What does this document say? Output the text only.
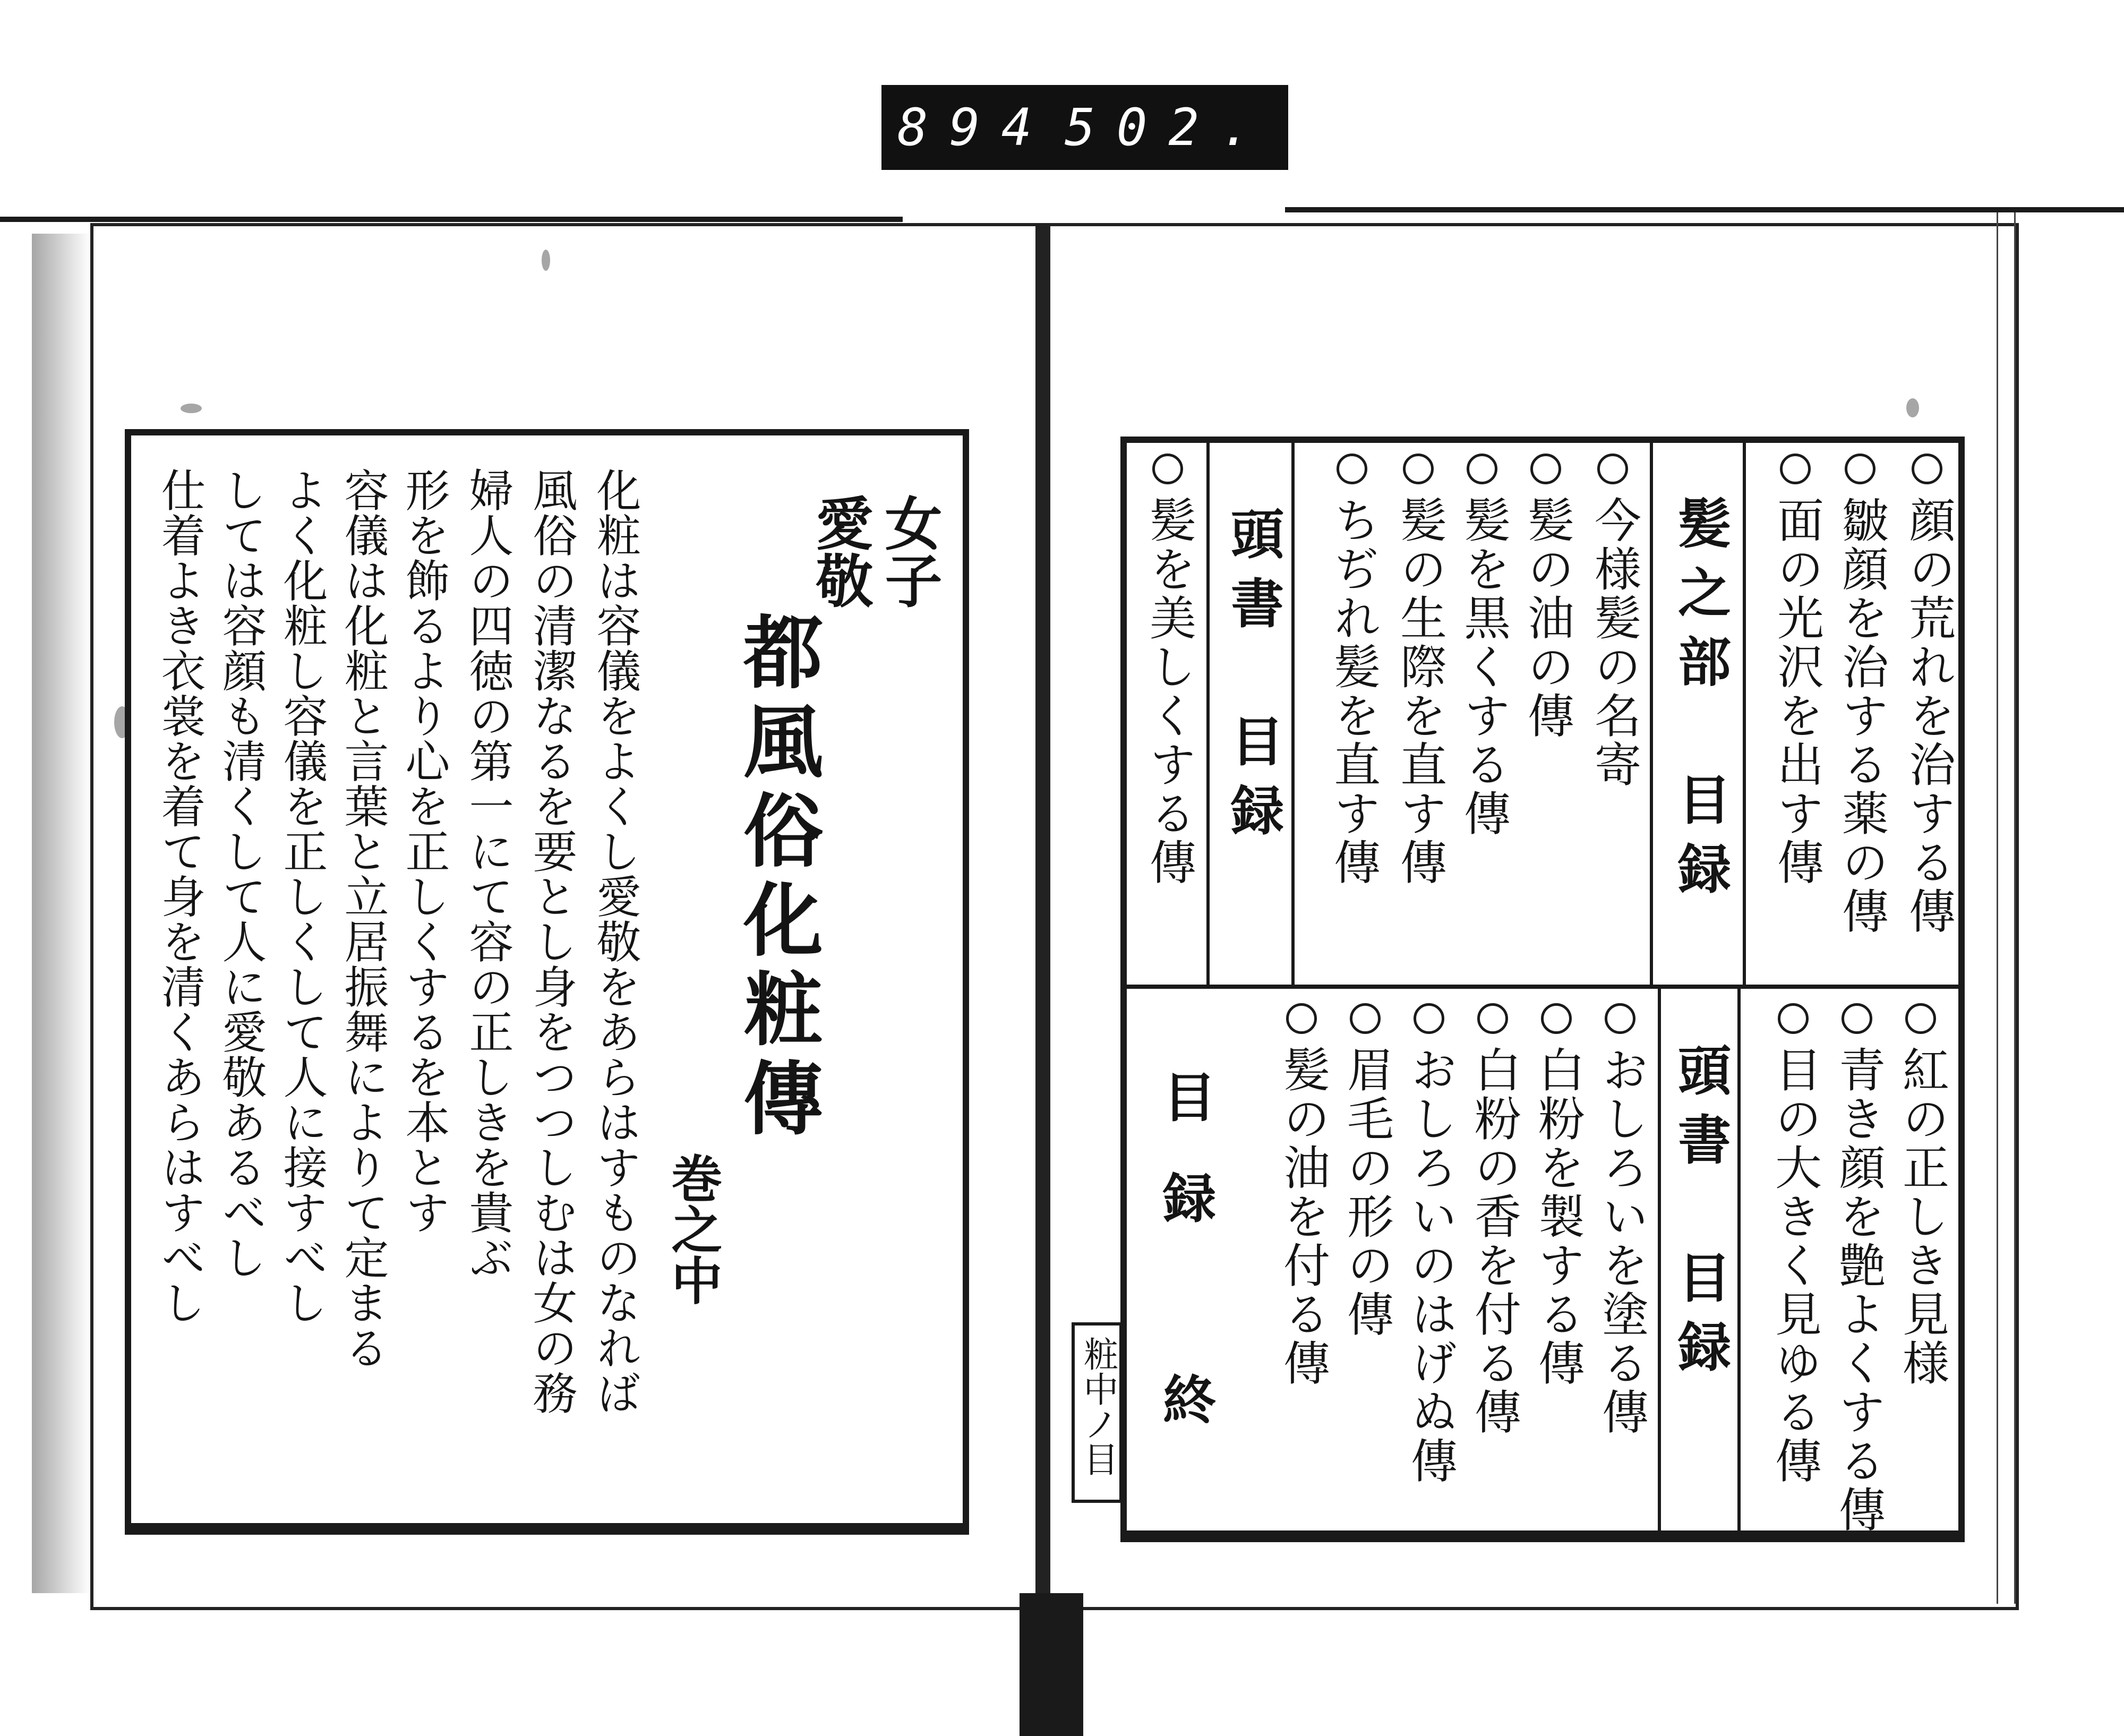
894 502.
女子
愛敬
都風俗化粧傳
巻之中
化粧は容儀をよくし愛敬をあらはすものなれば
風俗の清潔なるを要とし身をつつしむは女の務
婦人の四徳の第一にて容の正しきを貴ぶ
形を飾るより心を正しくするを本とす
容儀は化粧と言葉と立居振舞によりて定まる
よく化粧し容儀を正しくして人に接すべし
しては容顔も清くして人に愛敬あるべし
仕着よき衣裳を着て身を清くあらはすべし	顔の荒れを治する傳
皺顔を治する薬の傳
面の光沢を出す傳
髪之部　目録
今様髪の名寄
髪の油の傳
髪を黒くする傳
髪の生際を直す傳
ちぢれ髪を直す傳
頭書　目録
髪を美しくする傳
紅の正しき見様
青き顔を艶よくする傳
目の大きく見ゆる傳
頭書　目録
おしろいを塗る傳
白粉を製する傳
白粉の香を付る傳
おしろいのはげぬ傳
眉毛の形の傳
髪の油を付る傳
目録　終
粧中ノ目
